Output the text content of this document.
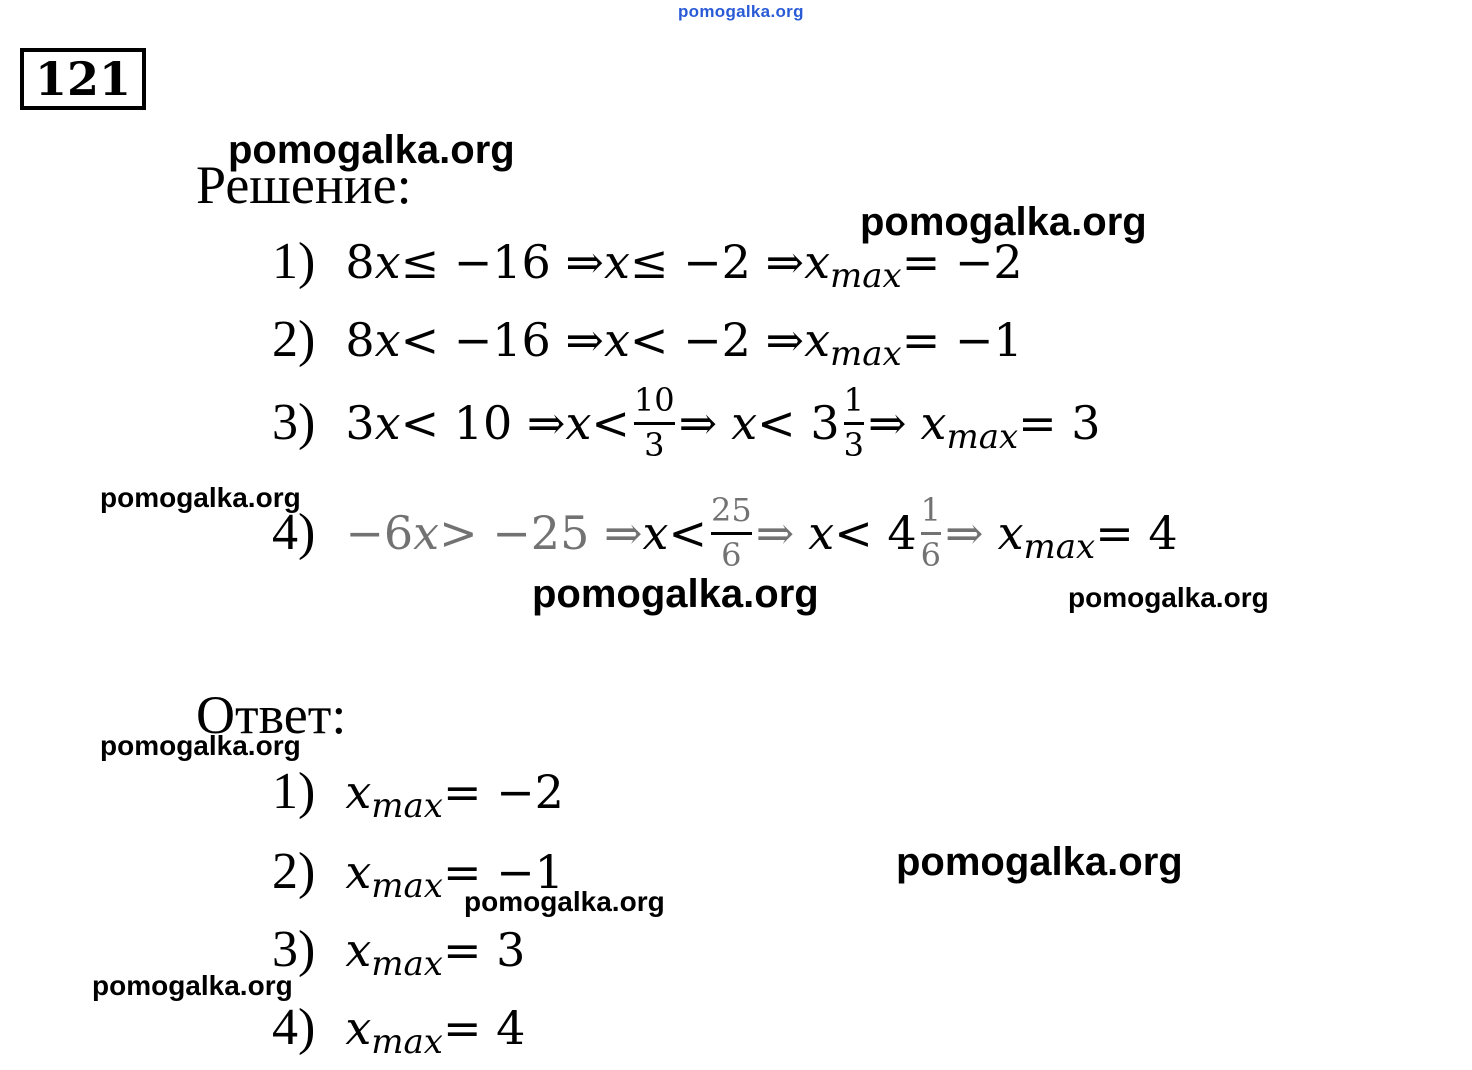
pomogalka.org
121
Решение:
1) 8 x ≤ −16 ⇒ x ≤ −2 ⇒ x max = −2
2) 8 x < −16 ⇒ x < −2 ⇒ x max = −1
3) 3 x < 10 ⇒ $x < \frac{10}{3}$ ⇒ $x < 3 \frac{1}{3}$ ⇒ x max = 3
4) −6 x > −25 ⇒ $x < \frac{25}{6}$ ⇒ $x < 4 \frac{1}{6}$ ⇒ x max = 4
Ответ:
1) x max = −2
2) x max = −1
3) x max = 3
4) x max = 4
pomogalka.org
pomogalka.org
pomogalka.org
pomogalka.org	pomogalka.org
pomogalka.org
pomogalka.org
pomogalka.org
pomogalka.org
